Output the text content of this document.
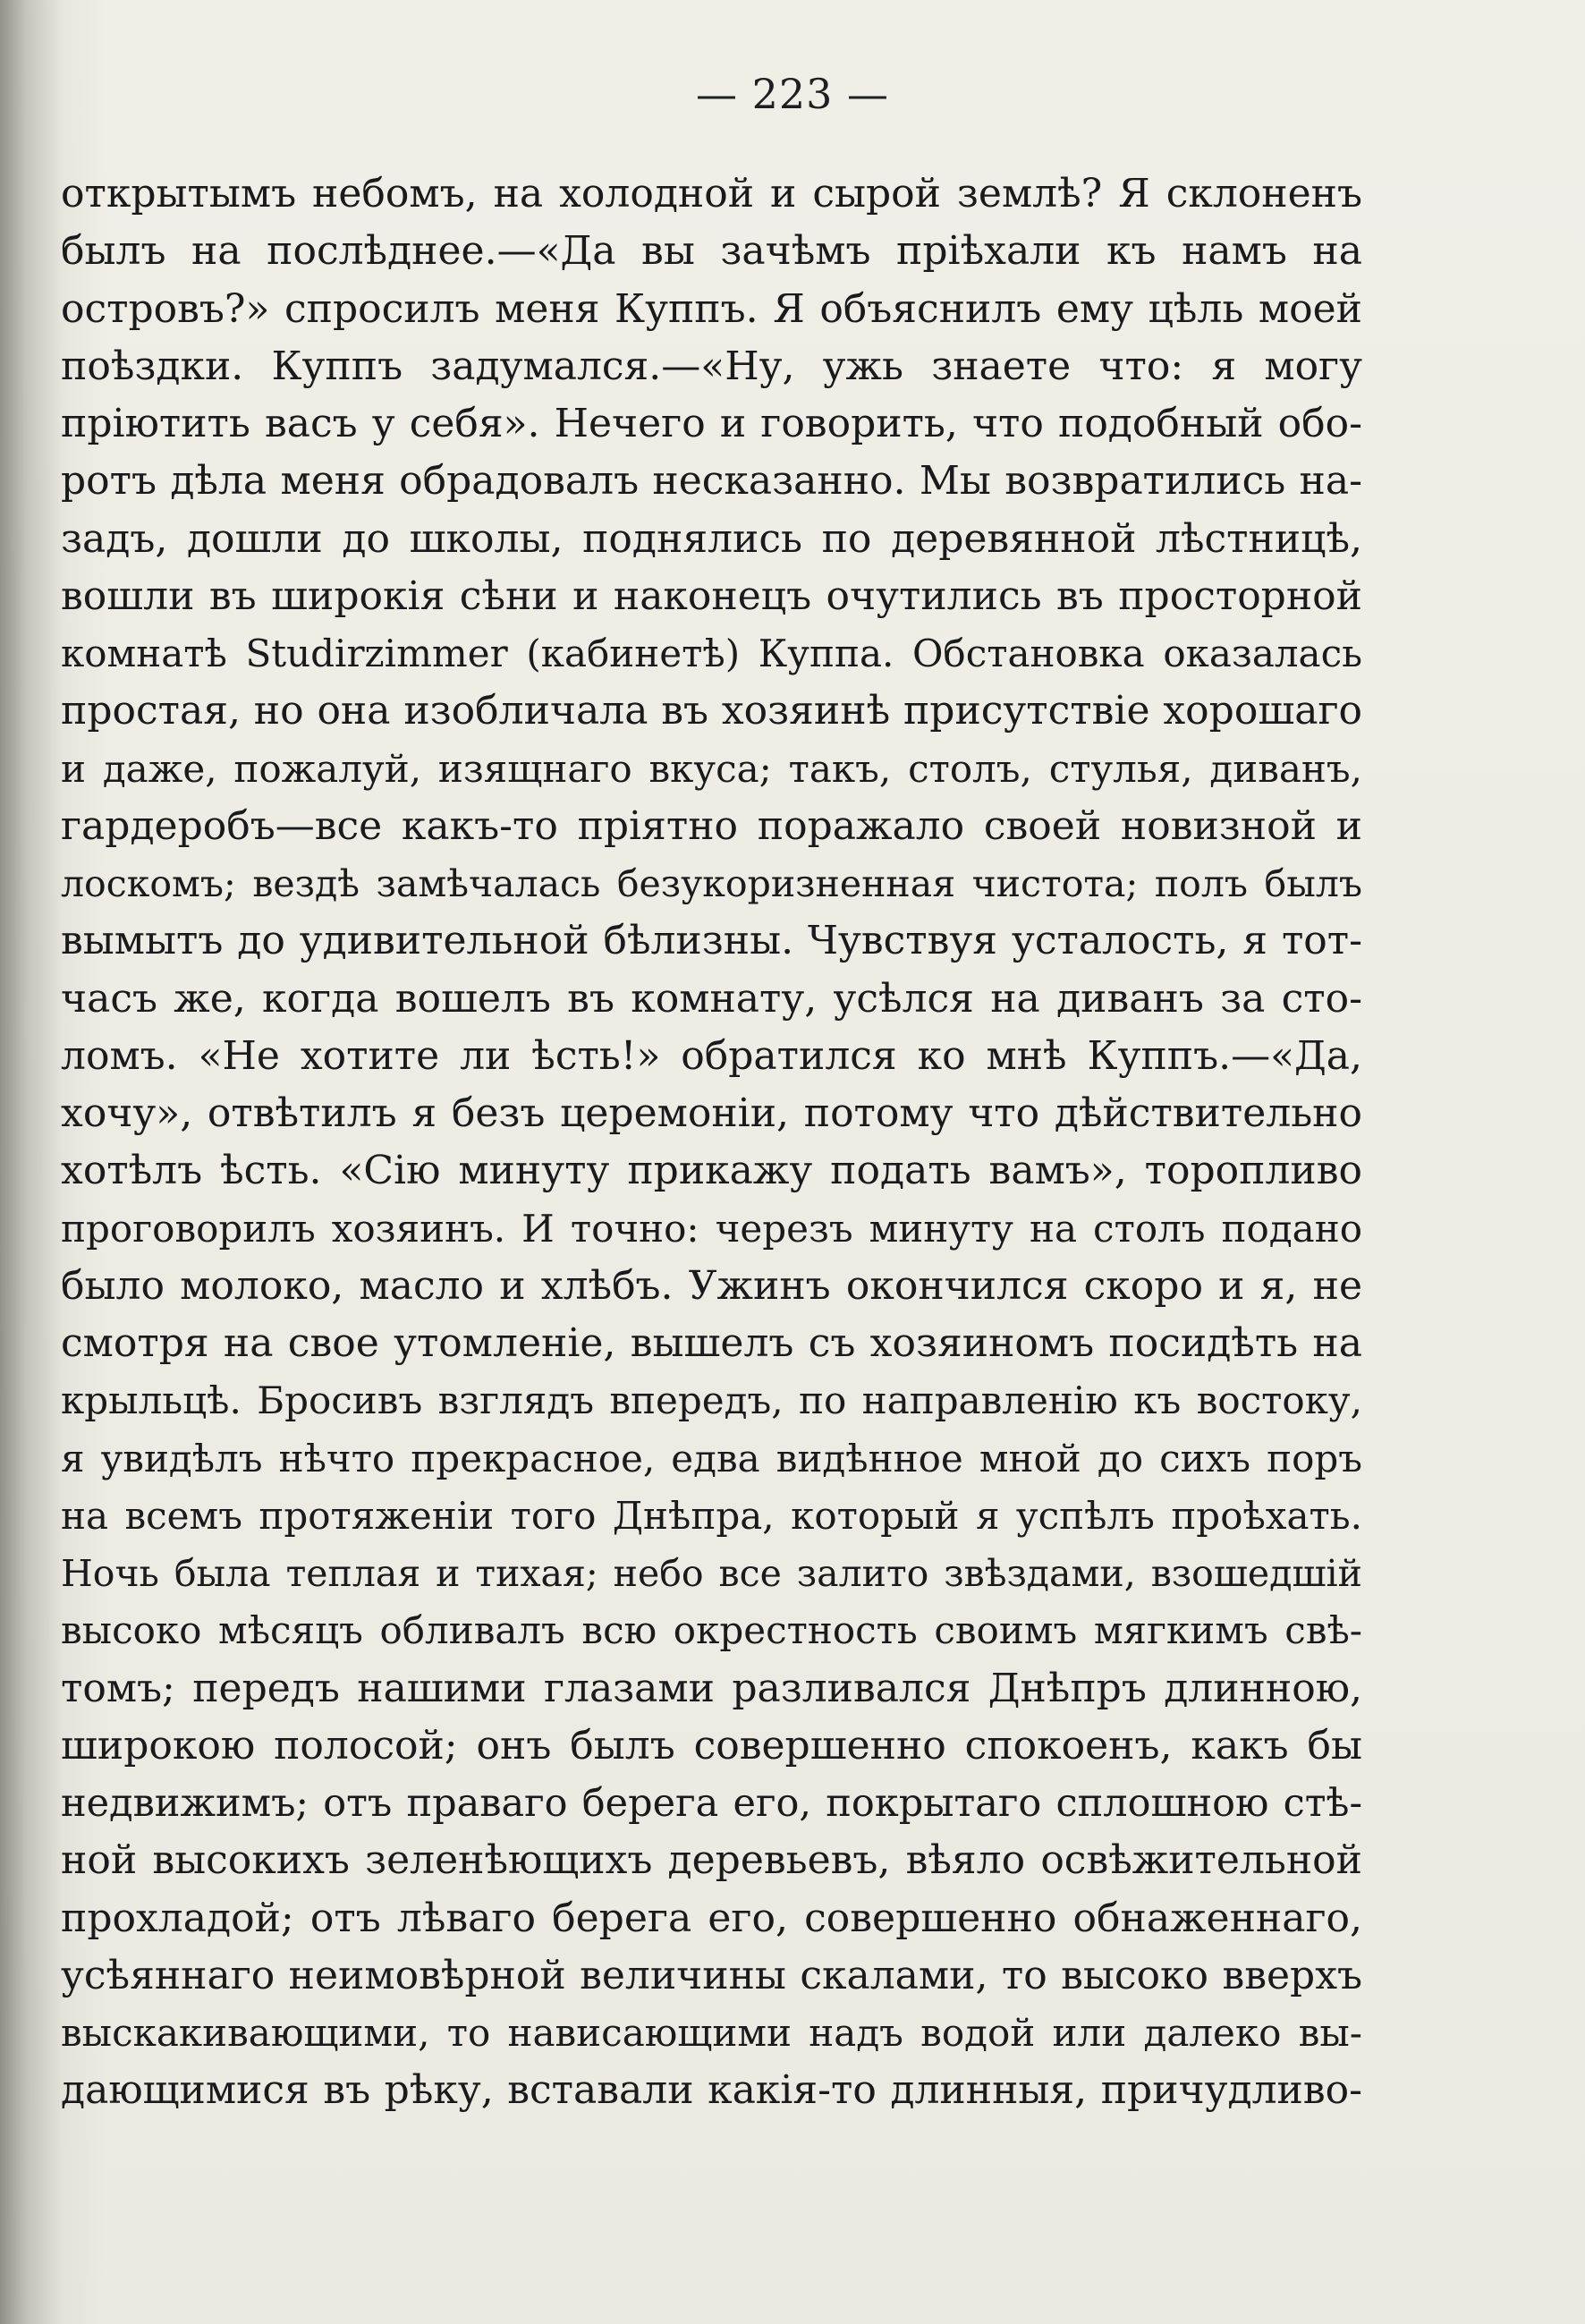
— 223 —
открытымъ небомъ, на холодной и сырой землѣ? Я склоненъ
былъ на послѣднее.—«Да вы зачѣмъ пріѣхали къ намъ на
островъ?» спросилъ меня Куппъ. Я объяснилъ ему цѣль моей
поѣздки. Куппъ задумался.—«Ну, ужь знаете что: я могу
пріютить васъ у себя». Нечего и говорить, что подобный обо-
ротъ дѣла меня обрадовалъ несказанно. Мы возвратились на-
задъ, дошли до школы, поднялись по деревянной лѣстницѣ,
вошли въ широкія сѣни и наконецъ очутились въ просторной
комнатѣ Studirzimmer (кабинетѣ) Куппа. Обстановка оказалась
простая, но она изобличала въ хозяинѣ присутствіе хорошаго
и даже, пожалуй, изящнаго вкуса; такъ, столъ, стулья, диванъ,
гардеробъ—все какъ-то пріятно поражало своей новизной и
лоскомъ; вездѣ замѣчалась безукоризненная чистота; полъ былъ
вымытъ до удивительной бѣлизны. Чувствуя усталость, я тот-
часъ же, когда вошелъ въ комнату, усѣлся на диванъ за сто-
ломъ. «Не хотите ли ѣсть!» обратился ко мнѣ Куппъ.—«Да,
хочу», отвѣтилъ я безъ церемоніи, потому что дѣйствительно
хотѣлъ ѣсть. «Сію минуту прикажу подать вамъ», торопливо
проговорилъ хозяинъ. И точно: черезъ минуту на столъ подано
было молоко, масло и хлѣбъ. Ужинъ окончился скоро и я, не
смотря на свое утомленіе, вышелъ съ хозяиномъ посидѣть на
крыльцѣ. Бросивъ взглядъ впередъ, по направленію къ востоку,
я увидѣлъ нѣчто прекрасное, едва видѣнное мной до сихъ поръ
на всемъ протяженіи того Днѣпра, который я успѣлъ проѣхать.
Ночь была теплая и тихая; небо все залито звѣздами, взошедшій
высоко мѣсяцъ обливалъ всю окрестность своимъ мягкимъ свѣ-
томъ; передъ нашими глазами разливался Днѣпръ длинною,
широкою полосой; онъ былъ совершенно спокоенъ, какъ бы
недвижимъ; отъ праваго берега его, покрытаго сплошною стѣ-
ной высокихъ зеленѣющихъ деревьевъ, вѣяло освѣжительной
прохладой; отъ лѣваго берега его, совершенно обнаженнаго,
усѣяннаго неимовѣрной величины скалами, то высоко вверхъ
выскакивающими, то нависающими надъ водой или далеко вы-
дающимися въ рѣку, вставали какія-то длинныя, причудливо-
